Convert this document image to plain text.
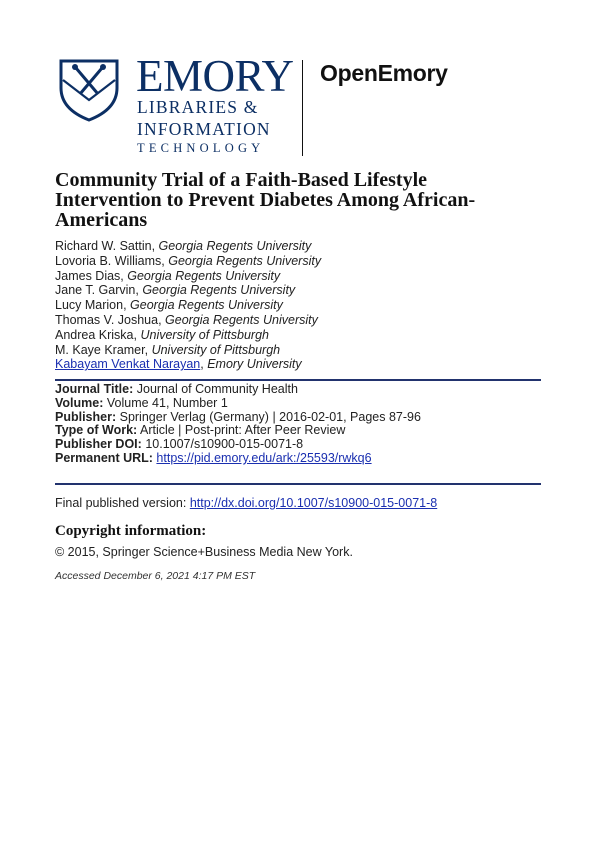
EMORY
LIBRARIES &
INFORMATION
TECHNOLOGY
OpenEmory
Community Trial of a Faith-Based Lifestyle Intervention to Prevent Diabetes Among African-Americans
Richard W. Sattin, Georgia Regents University
Lovoria B. Williams, Georgia Regents University
James Dias, Georgia Regents University
Jane T. Garvin, Georgia Regents University
Lucy Marion, Georgia Regents University
Thomas V. Joshua, Georgia Regents University
Andrea Kriska, University of Pittsburgh
M. Kaye Kramer, University of Pittsburgh
Kabayam Venkat Narayan, Emory University
Journal Title: Journal of Community Health
Volume: Volume 41, Number 1
Publisher: Springer Verlag (Germany) | 2016-02-01, Pages 87-96
Type of Work: Article | Post-print: After Peer Review
Publisher DOI: 10.1007/s10900-015-0071-8
Permanent URL: https://pid.emory.edu/ark:/25593/rwkq6
Final published version: http://dx.doi.org/10.1007/s10900-015-0071-8
Copyright information:
© 2015, Springer Science+Business Media New York.
Accessed December 6, 2021 4:17 PM EST
